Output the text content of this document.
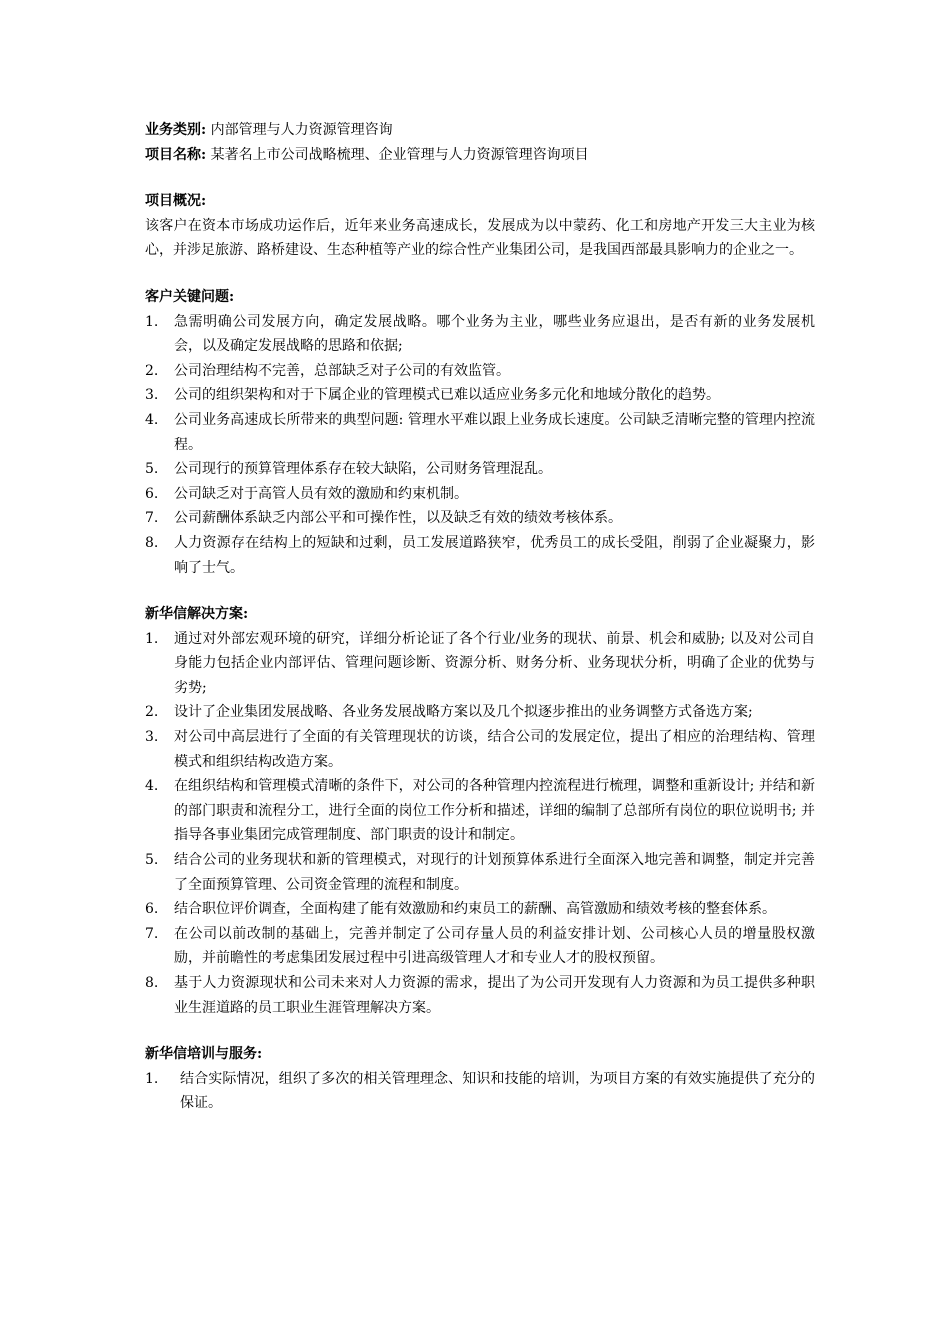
业务类别: 内部管理与人力资源管理咨询
项目名称: 某著名上市公司战略梳理、企业管理与人力资源管理咨询项目
项目概况:
该客户在资本市场成功运作后，近年来业务高速成长，发展成为以中蒙药、化工和房地产开发三大主业为核心，并涉足旅游、路桥建设、生态种植等产业的综合性产业集团公司，是我国西部最具影响力的企业之一。
客户关键问题:
1.	急需明确公司发展方向，确定发展战略。哪个业务为主业，哪些业务应退出，是否有新的业务发展机会，以及确定发展战略的思路和依据;
2.	公司治理结构不完善，总部缺乏对子公司的有效监管。
3.	公司的组织架构和对于下属企业的管理模式已难以适应业务多元化和地域分散化的趋势。
4.	公司业务高速成长所带来的典型问题: 管理水平难以跟上业务成长速度。公司缺乏清晰完整的管理内控流程。
5.	公司现行的预算管理体系存在较大缺陷，公司财务管理混乱。
6.	公司缺乏对于高管人员有效的激励和约束机制。
7.	公司薪酬体系缺乏内部公平和可操作性，以及缺乏有效的绩效考核体系。
8.	人力资源存在结构上的短缺和过剩，员工发展道路狭窄，优秀员工的成长受阻，削弱了企业凝聚力，影响了士气。
新华信解决方案:
1.	通过对外部宏观环境的研究，详细分析论证了各个行业/业务的现状、前景、机会和威胁; 以及对公司自身能力包括企业内部评估、管理问题诊断、资源分析、财务分析、业务现状分析，明确了企业的优势与劣势;
2.	设计了企业集团发展战略、各业务发展战略方案以及几个拟逐步推出的业务调整方式备选方案;
3.	对公司中高层进行了全面的有关管理现状的访谈，结合公司的发展定位，提出了相应的治理结构、管理模式和组织结构改造方案。
4.	在组织结构和管理模式清晰的条件下，对公司的各种管理内控流程进行梳理，调整和重新设计; 并结和新的部门职责和流程分工，进行全面的岗位工作分析和描述，详细的编制了总部所有岗位的职位说明书; 并指导各事业集团完成管理制度、部门职责的设计和制定。
5.	结合公司的业务现状和新的管理模式，对现行的计划预算体系进行全面深入地完善和调整，制定并完善了全面预算管理、公司资金管理的流程和制度。
6.	结合职位评价调查，全面构建了能有效激励和约束员工的薪酬、高管激励和绩效考核的整套体系。
7.	在公司以前改制的基础上，完善并制定了公司存量人员的利益安排计划、公司核心人员的增量股权激励，并前瞻性的考虑集团发展过程中引进高级管理人才和专业人才的股权预留。
8.	基于人力资源现状和公司未来对人力资源的需求，提出了为公司开发现有人力资源和为员工提供多种职业生涯道路的员工职业生涯管理解决方案。
新华信培训与服务:
1.	结合实际情况，组织了多次的相关管理理念、知识和技能的培训，为项目方案的有效实施提供了充分的保证。
